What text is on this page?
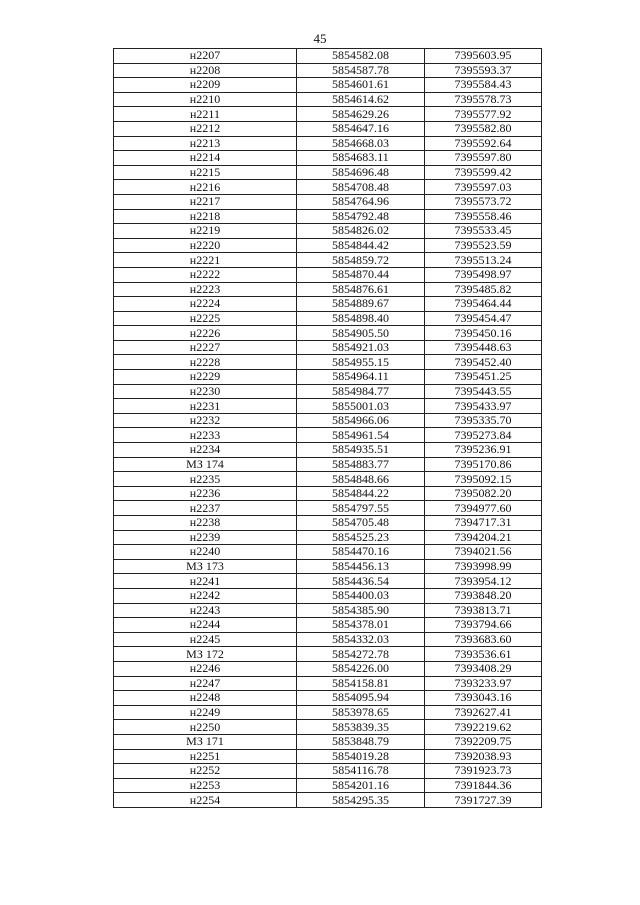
45
н2207	5854582.08	7395603.95
н2208	5854587.78	7395593.37
н2209	5854601.61	7395584.43
н2210	5854614.62	7395578.73
н2211	5854629.26	7395577.92
н2212	5854647.16	7395582.80
н2213	5854668.03	7395592.64
н2214	5854683.11	7395597.80
н2215	5854696.48	7395599.42
н2216	5854708.48	7395597.03
н2217	5854764.96	7395573.72
н2218	5854792.48	7395558.46
н2219	5854826.02	7395533.45
н2220	5854844.42	7395523.59
н2221	5854859.72	7395513.24
н2222	5854870.44	7395498.97
н2223	5854876.61	7395485.82
н2224	5854889.67	7395464.44
н2225	5854898.40	7395454.47
н2226	5854905.50	7395450.16
н2227	5854921.03	7395448.63
н2228	5854955.15	7395452.40
н2229	5854964.11	7395451.25
н2230	5854984.77	7395443.55
н2231	5855001.03	7395433.97
н2232	5854966.06	7395335.70
н2233	5854961.54	7395273.84
н2234	5854935.51	7395236.91
МЗ 174	5854883.77	7395170.86
н2235	5854848.66	7395092.15
н2236	5854844.22	7395082.20
н2237	5854797.55	7394977.60
н2238	5854705.48	7394717.31
н2239	5854525.23	7394204.21
н2240	5854470.16	7394021.56
МЗ 173	5854456.13	7393998.99
н2241	5854436.54	7393954.12
н2242	5854400.03	7393848.20
н2243	5854385.90	7393813.71
н2244	5854378.01	7393794.66
н2245	5854332.03	7393683.60
МЗ 172	5854272.78	7393536.61
н2246	5854226.00	7393408.29
н2247	5854158.81	7393233.97
н2248	5854095.94	7393043.16
н2249	5853978.65	7392627.41
н2250	5853839.35	7392219.62
МЗ 171	5853848.79	7392209.75
н2251	5854019.28	7392038.93
н2252	5854116.78	7391923.73
н2253	5854201.16	7391844.36
н2254	5854295.35	7391727.39
